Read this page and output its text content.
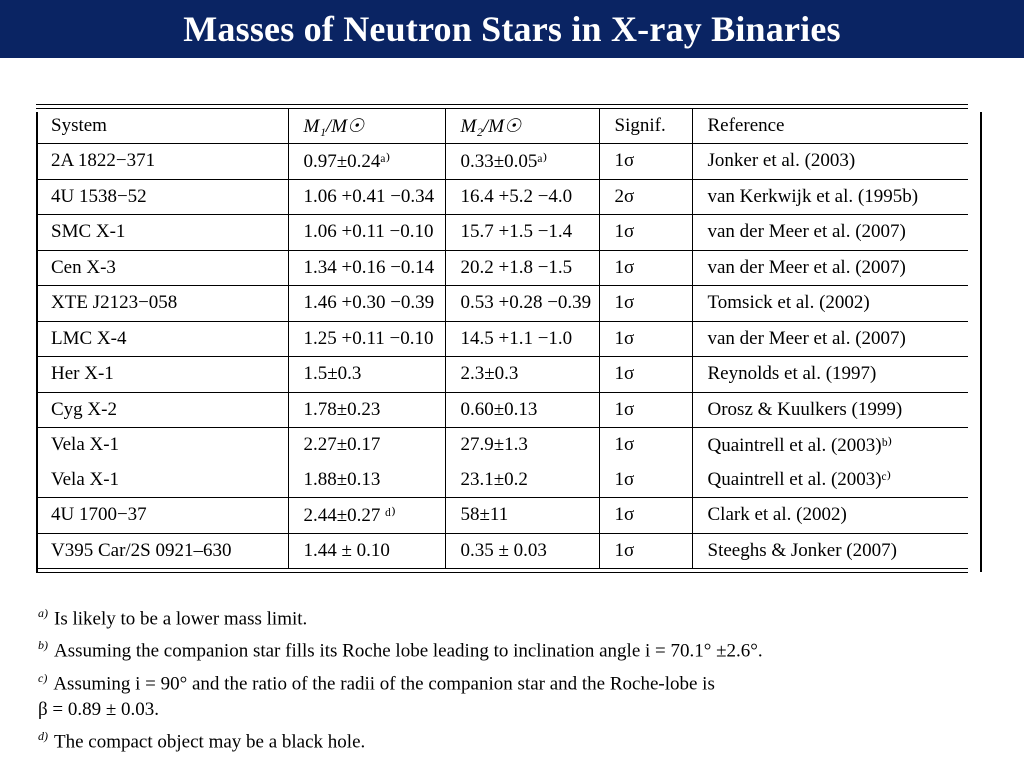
Masses of Neutron Stars in X-ray Binaries
System	M₁/M☉	M₂/M☉	Signif.	Reference
2A 1822−371	0.97±0.24ᵃ⁾	0.33±0.05ᵃ⁾	1σ	Jonker et al. (2003)
4U 1538−52	1.06 +0.41 −0.34	16.4 +5.2 −4.0	2σ	van Kerkwijk et al. (1995b)
SMC X-1	1.06 +0.11 −0.10	15.7 +1.5 −1.4	1σ	van der Meer et al. (2007)
Cen X-3	1.34 +0.16 −0.14	20.2 +1.8 −1.5	1σ	van der Meer et al. (2007)
XTE J2123−058	1.46 +0.30 −0.39	0.53 +0.28 −0.39	1σ	Tomsick et al. (2002)
LMC X-4	1.25 +0.11 −0.10	14.5 +1.1 −1.0	1σ	van der Meer et al. (2007)
Her X-1	1.5±0.3	2.3±0.3	1σ	Reynolds et al. (1997)
Cyg X-2	1.78±0.23	0.60±0.13	1σ	Orosz & Kuulkers (1999)
Vela X-1	2.27±0.17	27.9±1.3	1σ	Quaintrell et al. (2003)ᵇ⁾
Vela X-1	1.88±0.13	23.1±0.2	1σ	Quaintrell et al. (2003)ᶜ⁾
4U 1700−37	2.44±0.27 ᵈ⁾	58±11	1σ	Clark et al. (2002)
V395 Car/2S 0921–630	1.44 ± 0.10	0.35 ± 0.03	1σ	Steeghs & Jonker (2007)
$^{a)}$ Is likely to be a lower mass limit.
$^{b)}$ Assuming the companion star fills its Roche lobe leading to inclination angle i = 70.1° ±2.6°.
$^{c)}$ Assuming i = 90° and the ratio of the radii of the companion star and the Roche-lobe is
β = 0.89 ± 0.03.
$^{d)}$ The compact object may be a black hole.
